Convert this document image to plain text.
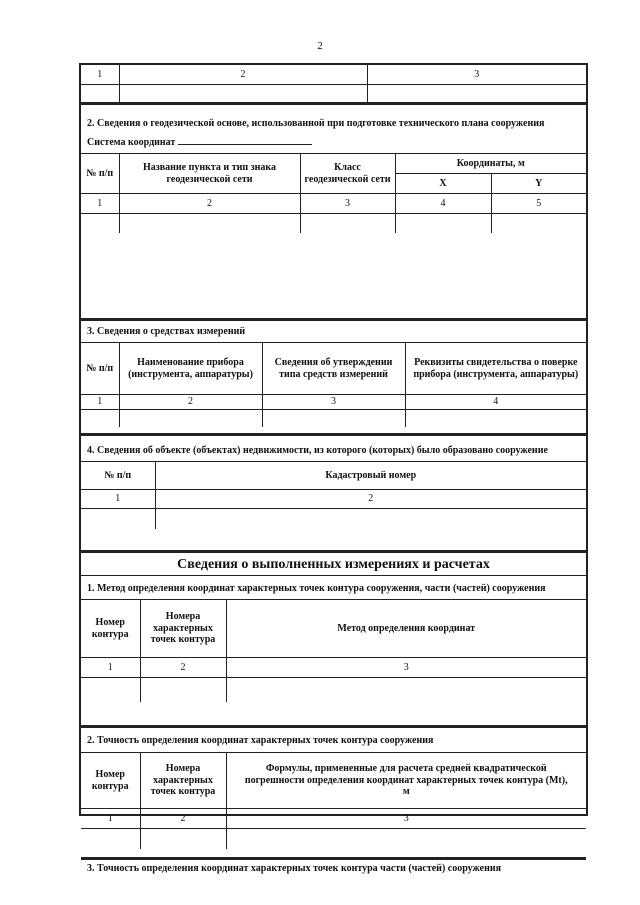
2
1	2	3

2. Сведения о геодезической основе, использованной при подготовке технического плана сооружения
Система координат
№ п/п	Название пункта и тип знака геодезической сети	Класс геодезической сети	Координаты, м	
			X	Y
1	2	3	4	5

3. Сведения о средствах измерений
№ п/п	Наименование прибора (инструмента, аппаратуры)	Сведения об утверждении типа средств измерений	Реквизиты свидетельства о поверке прибора (инструмента, аппаратуры)
1	2	3	4

4. Сведения об объекте (объектах) недвижимости, из которого (которых) было образовано сооружение
№ п/п	Кадастровый номер
1	2

Сведения о выполненных измерениях и расчетах
1. Метод определения координат характерных точек контура сооружения, части (частей) сооружения
Номер контура	Номера характерных точек контура	Метод определения координат
1	2	3

2. Точность определения координат характерных точек контура сооружения
Номер контура	Номера характерных точек контура	Формулы, примененные для расчета средней квадратической погрешности определения координат характерных точек контура (Mt), м
1	2	3

3. Точность определения координат характерных точек контура части (частей) сооружения
